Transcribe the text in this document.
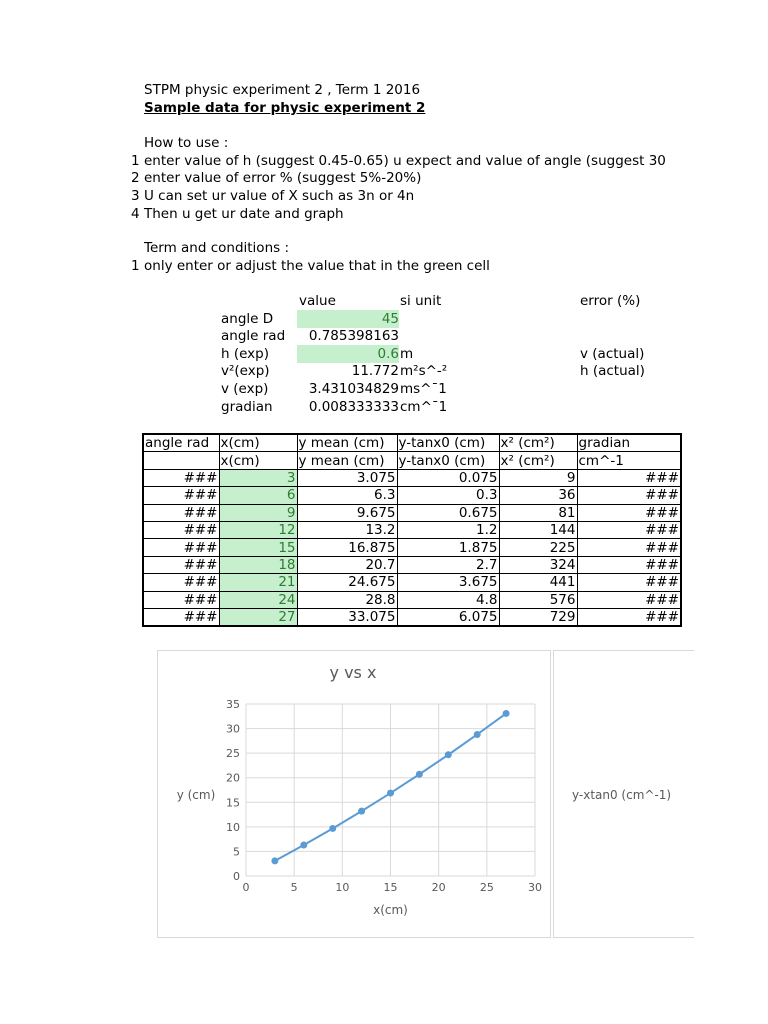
STPM physic experiment 2 , Term 1 2016
Sample data for physic experiment 2
How to use :
1 enter value of h (suggest 0.45-0.65) u expect and value of angle (suggest 30
2 enter value of error % (suggest 5%-20%)
3 U can set ur value of X such as 3n or 4n
4 Then u get ur date and graph
Term and conditions :
1 only enter or adjust the value that in the green cell
value	si unit	error (%)
angle D	45
angle rad	0.785398163
h (exp)	0.6 m	v (actual)
v²(exp)	11.772 m²s^-²	h (actual)
v (exp)	3.431034829 ms^¯1
gradian	0.008333333 cm^¯1
angle rad	x(cm)	y mean (cm)	y-tanx0 (cm)	x² (cm²)	gradian
	x(cm)	y mean (cm)	y-tanx0 (cm)	x² (cm²)	cm^-1
###	3	3.075	0.075	9	###
###	6	6.3	0.3	36	###
###	9	9.675	0.675	81	###
###	12	13.2	1.2	144	###
###	15	16.875	1.875	225	###
###	18	20.7	2.7	324	###
###	21	24.675	3.675	441	###
###	24	28.8	4.8	576	###
###	27	33.075	6.075	729	###
0
5
10
15
20
25
30
35
0	5	10	15	20	25	30
y vs x
x(cm)
y (cm)	y-xtan0 (cm^-1)
